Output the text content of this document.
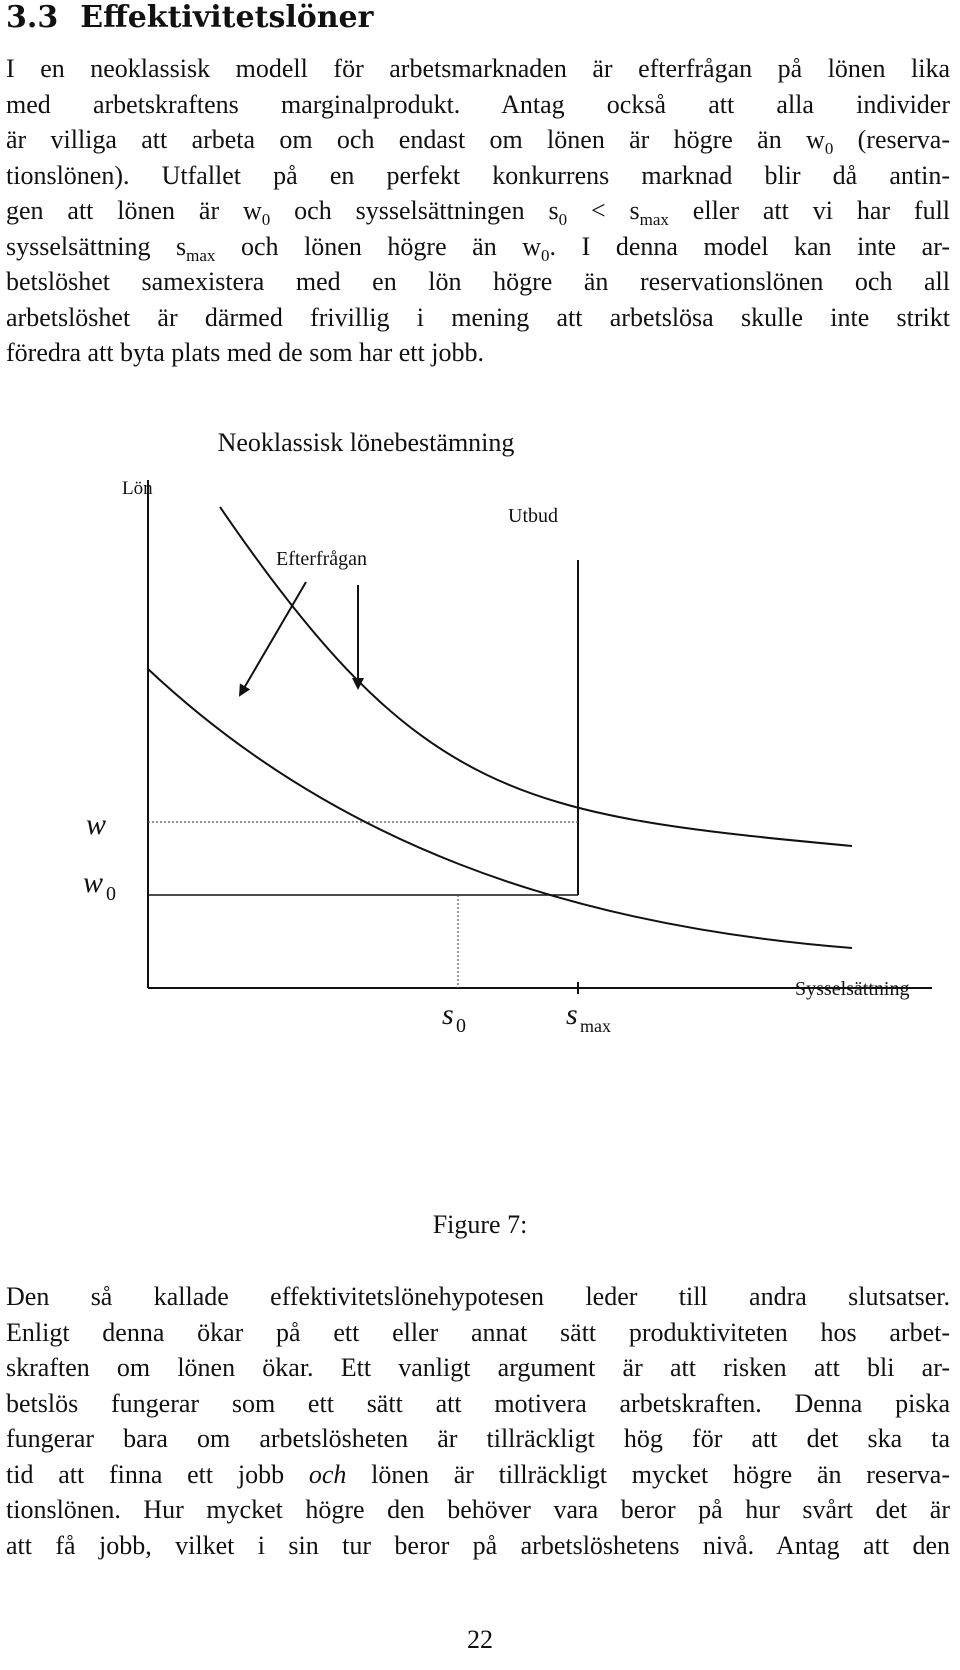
3.3 Effektivitetslöner
I en neoklassisk modell för arbetsmarknaden är efterfrågan på lönen lika
med arbetskraftens marginalprodukt. Antag också att alla individer
är villiga att arbeta om och endast om lönen är högre än $w_0$ (reserva-
tionslönen). Utfallet på en perfekt konkurrens marknad blir då antin-
gen att lönen är $w_0$ och sysselsättningen $s_0 < s_{max}$ eller att vi har full
sysselsättning $s_{max}$ och lönen högre än $w_0$. I denna model kan inte ar-
betslöshet samexistera med en lön högre än reservationslönen och all
arbetslöshet är därmed frivillig i mening att arbetslösa skulle inte strikt
föredra att byta plats med de som har ett jobb.
Neoklassisk lönebestämning
Lön
Utbud
Efterfrågan
Sysselsättning
w
w 0
s 0	s max
Figure 7:
Den så kallade effektivitetslönehypotesen leder till andra slutsatser.
Enligt denna ökar på ett eller annat sätt produktiviteten hos arbet-
skraften om lönen ökar. Ett vanligt argument är att risken att bli ar-
betslös fungerar som ett sätt att motivera arbetskraften. Denna piska
fungerar bara om arbetslösheten är tillräckligt hög för att det ska ta
tid att finna ett jobb och lönen är tillräckligt mycket högre än reserva-
tionslönen. Hur mycket högre den behöver vara beror på hur svårt det är
att få jobb, vilket i sin tur beror på arbetslöshetens nivå. Antag att den
22
